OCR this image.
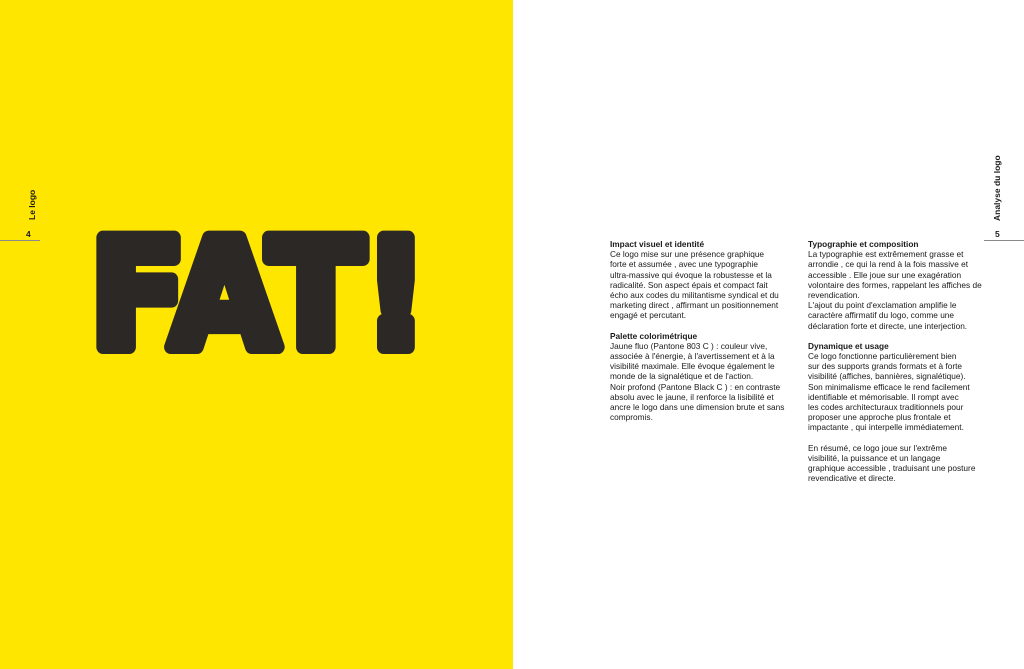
Le logo
4 FAT!
Analyse du logo
5
Impact visuel et identité

Ce logo mise sur une présence graphique

forte et assumée , avec une typographie

ultra-massive qui évoque la robustesse et la

radicalité. Son aspect épais et compact fait

écho aux codes du militantisme syndical et du

marketing direct , affirmant un positionnement

engagé et percutant.

Palette colorimétrique

Jaune fluo (Pantone 803 C ) : couleur vive,

associée à l'énergie, à l'avertissement et à la

visibilité maximale. Elle évoque également le

monde de la signalétique et de l'action.

Noir profond (Pantone Black C ) : en contraste

absolu avec le jaune, il renforce la lisibilité et

ancre le logo dans une dimension brute et sans

compromis.

Typographie et composition

La typographie est extrêmement grasse et

arrondie , ce qui la rend à la fois massive et

accessible . Elle joue sur une exagération

volontaire des formes, rappelant les affiches de

revendication.

L'ajout du point d'exclamation amplifie le

caractère affirmatif du logo, comme une

déclaration forte et directe, une interjection.

Dynamique et usage

Ce logo fonctionne particulièrement bien

sur des supports grands formats et à forte

visibilité (affiches, bannières, signalétique).

Son minimalisme efficace le rend facilement

identifiable et mémorisable. Il rompt avec

les codes architecturaux traditionnels pour

proposer une approche plus frontale et

impactante , qui interpelle immédiatement.

En résumé, ce logo joue sur l'extrême

visibilité, la puissance et un langage

graphique accessible , traduisant une posture

revendicative et directe.
